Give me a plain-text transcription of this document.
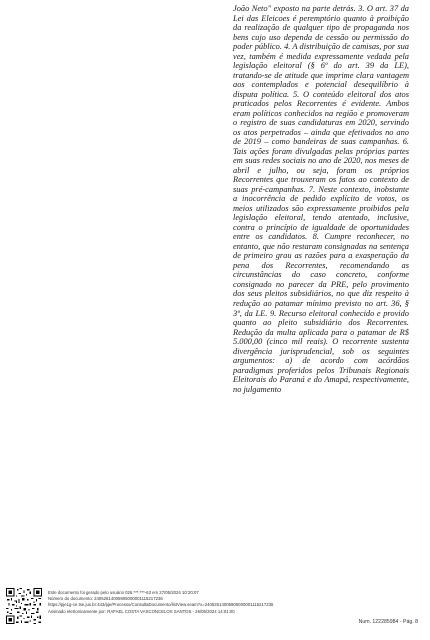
João Neto" exposto na parte detrás. 3. O art. 37 da Lei das Eleicoes é peremptório quanto à proibição da realização de qualquer tipo de propaganda nos bens cujo uso dependa de cessão ou permissão do poder público. 4. A distribuição de camisas, por sua vez, também é medida expressamente vedada pela legislação eleitoral (§ 6º do art. 39 da LE), tratando-se de atitude que imprime clara vantagem aos contemplados e potencial desequilíbrio à disputa política. 5. O conteúdo eleitoral dos atos praticados pelos Recorrentes é evidente. Ambos eram políticos conhecidos na região e promoveram o registro de suas candidaturas em 2020, servindo os atos perpetrados – ainda que efetivados no ano de 2019 – como bandeiras de suas campanhas. 6. Tais ações foram divulgadas pelas próprias partes em suas redes sociais no ano de 2020, nos meses de abril e julho, ou seja, foram os próprios Recorrentes que trouxeram os fatos ao contexto de suas pré-campanhas. 7. Neste contexto, inobstante a inocorrência de pedido explícito de votos, os meios utilizados são expressamente proibidos pela legislação eleitoral, tendo atentado, inclusive, contra o princípio de igualdade de oportunidades entre os candidatos. 8. Cumpre reconhecer, no entanto, que não restaram consignadas na sentença de primeiro grau as razões para a exasperação da pena dos Recorrentes, recomendando as circunstâncias do caso concreto, conforme consignado no parecer da PRE, pelo provimento dos seus pleitos subsidiários, no que diz respeito à redução ao patamar mínimo previsto no art. 36, § 3º, da LE. 9. Recurso eleitoral conhecido e provido quanto ao pleito subsidiário dos Recorrentes. Redução da multa aplicada para o patamar de R$ 5.000,00 (cinco mil reais). O recorrente sustenta divergência jurisprudencial, sob os seguintes argumentos: a) de acordo com acórdãos paradigmas proferidos pelos Tribunais Regionais Eleitorais do Paraná e do Amapá, respectivamente, no julgamento

Este documento foi gerado pelo usuário 026.***.***-63 em 27/05/2024 10:20:07
Número do documento: 24052614005905000001115217236
https://pje1g-ce.tse.jus.br:443/pje/Processo/ConsultaDocumento/listView.seam?x=24052614005905000001115217236
Assinado eletronicamente por: RAFAEL COSTA VASCONCELOS SANTOS - 26/05/2024 14:01:00
Num. 122285984 - Pág. 8
